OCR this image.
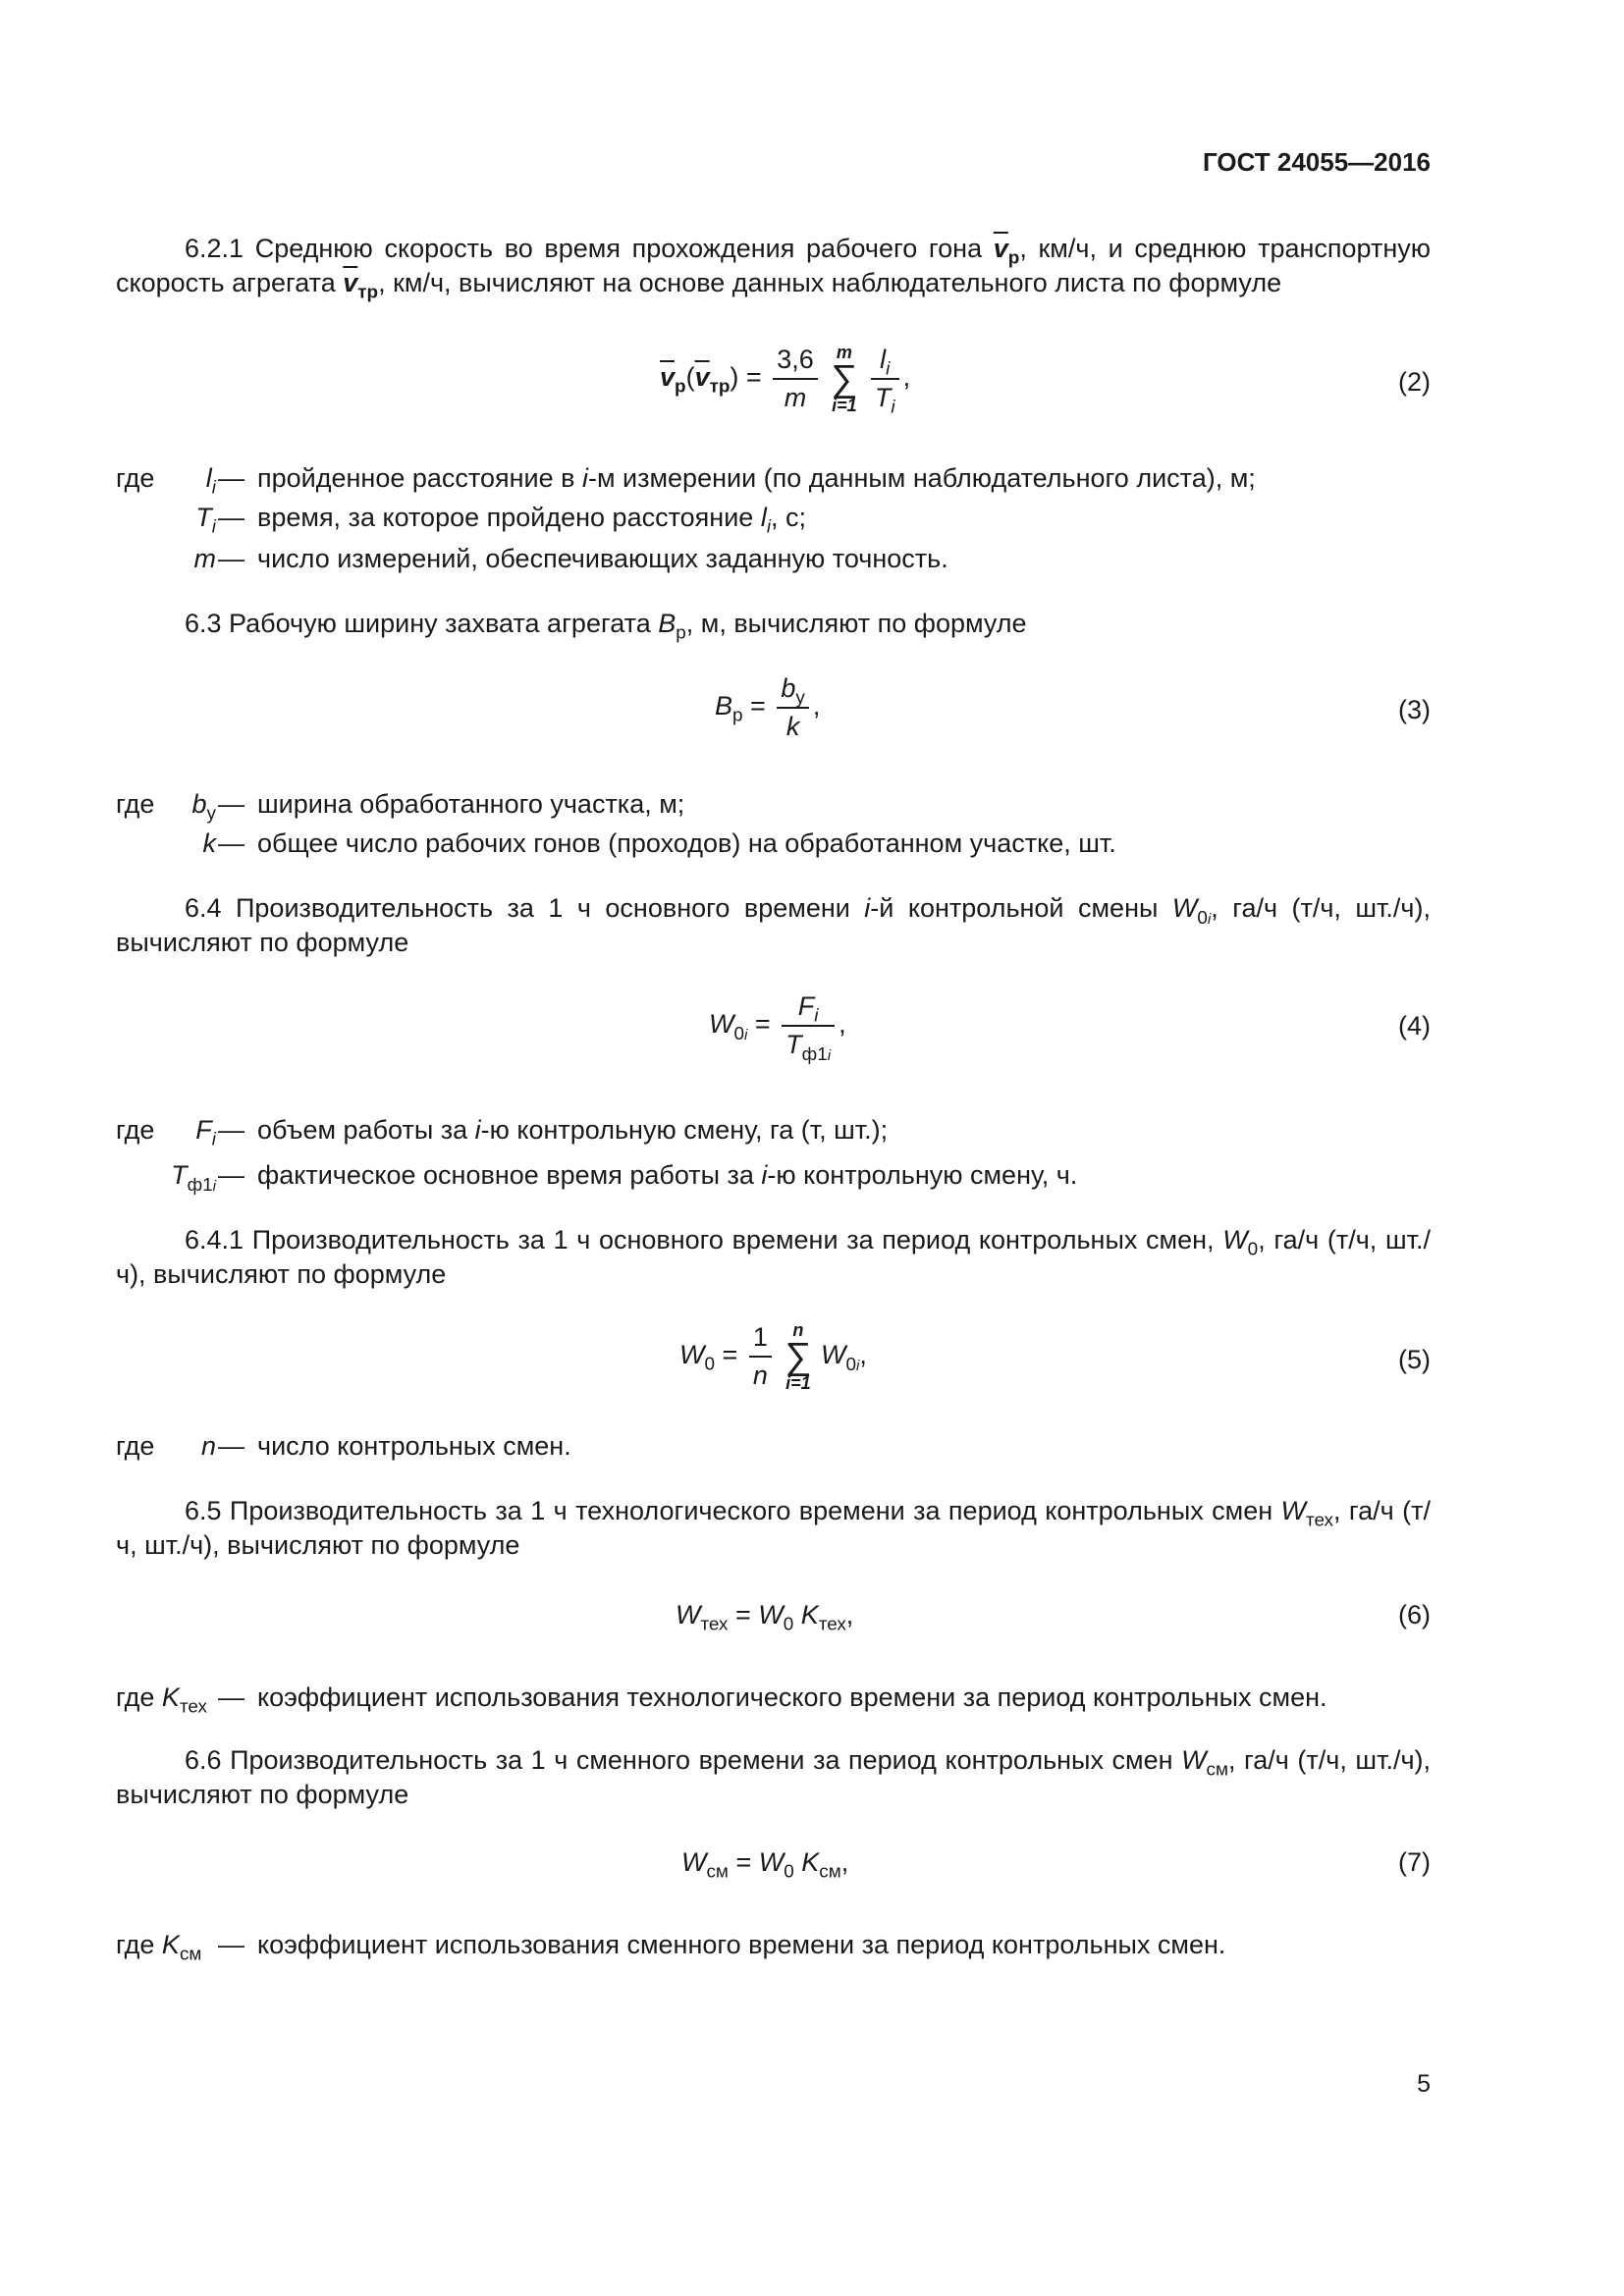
ГОСТ 24055—2016
6.2.1 Среднюю скорость во время прохождения рабочего гона $\overline{v}_р$, км/ч, и среднюю транспортную скорость агрегата $\overline{v}_{тр}$, км/ч, вычисляют на основе данных наблюдательного листа по формуле
$\overline{v}_р(\overline{v}_{тр}) = \frac{3,6}{m}$
	m
∑
i=1
$\frac{l_i}{T_i}$ ,	(2)
где	$l_i$ — пройденное расстояние в i-м измерении (по данным наблюдательного листа), м;
$T_i$ — время, за которое пройдено расстояние $l_i$, с;
m — число измерений, обеспечивающих заданную точность.
6.3 Рабочую ширину захвата агрегата $B_р$, м, вычисляют по формуле
$B_р = \frac{b_у}{k}$ ,	(3)
где	$b_у$ — ширина обработанного участка, м;
k — общее число рабочих гонов (проходов) на обработанном участке, шт.
6.4 Производительность за 1 ч основного времени i-й контрольной смены $W_{0i}$, га/ч (т/ч, шт./ч), вычисляют по формуле
$W_{0i} = \frac{F_i}{T_{ф1i}}$ ,	(4)
где	$F_i$ — объем работы за i-ю контрольную смену, га (т, шт.);
$T_{ф1i}$ — фактическое основное время работы за i-ю контрольную смену, ч.
6.4.1 Производительность за 1 ч основного времени за период контрольных смен, $W_0$, га/ч (т/ч, шт./ч), вычисляют по формуле
$W_0 = \frac{1}{n}$
	n
∑
i=1
$W_{0i}$,	(5)
где	n — число контрольных смен.
6.5 Производительность за 1 ч технологического времени за период контрольных смен $W_{тех}$, га/ч (т/ч, шт./ч), вычисляют по формуле
$W_{тех} = W_0$ $K_{тех}$,	(6)
где $K_{тех}$ — коэффициент использования технологического времени за период контрольных смен.
6.6 Производительность за 1 ч сменного времени за период контрольных смен $W_{см}$, га/ч (т/ч, шт./ч), вычисляют по формуле
$W_{см} = W_0$ $K_{см}$,	(7)
где $K_{см}$ — коэффициент использования сменного времени за период контрольных смен.
5
